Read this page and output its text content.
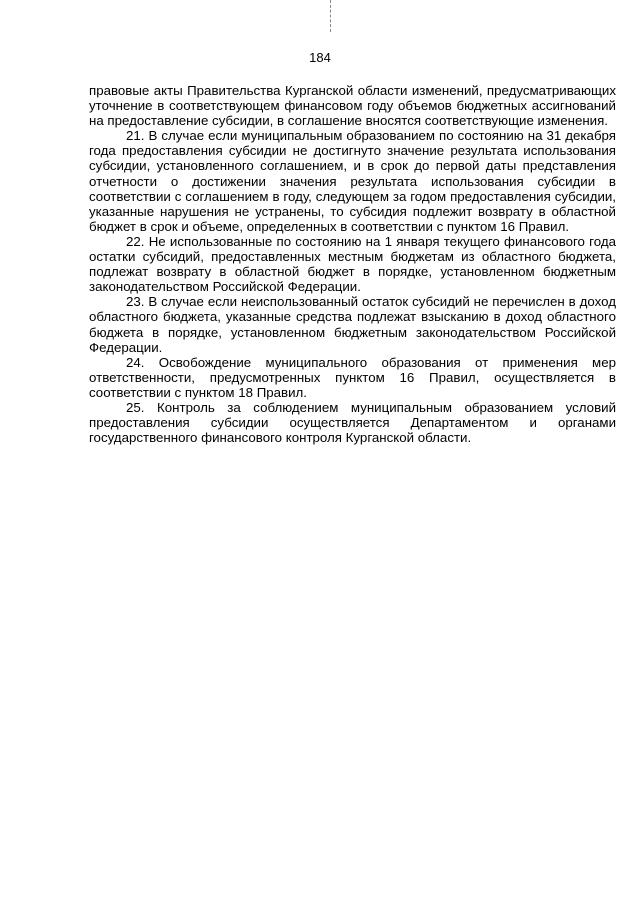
184

правовые акты Правительства Курганской области изменений, предусматривающих уточнение в соответствующем финансовом году объемов бюджетных ассигнований на предоставление субсидии, в соглашение вносятся соответствующие изменения.

21. В случае если муниципальным образованием по состоянию на 31 декабря года предоставления субсидии не достигнуто значение результата использования субсидии, установленного соглашением, и в срок до первой даты представления отчетности о достижении значения результата использования субсидии в соответствии с соглашением в году, следующем за годом предоставления субсидии, указанные нарушения не устранены, то субсидия подлежит возврату в областной бюджет в срок и объеме, определенных в соответствии с пунктом 16 Правил.

22. Не использованные по состоянию на 1 января текущего финансового года остатки субсидий, предоставленных местным бюджетам из областного бюджета, подлежат возврату в областной бюджет в порядке, установленном бюджетным законодательством Российской Федерации.

23. В случае если неиспользованный остаток субсидий не перечислен в доход областного бюджета, указанные средства подлежат взысканию в доход областного бюджета в порядке, установленном бюджетным законодательством Российской Федерации.

24. Освобождение муниципального образования от применения мер ответственности, предусмотренных пунктом 16 Правил, осуществляется в соответствии с пунктом 18 Правил.

25. Контроль за соблюдением муниципальным образованием условий предоставления субсидии осуществляется Департаментом и органами государственного финансового контроля Курганской области.
